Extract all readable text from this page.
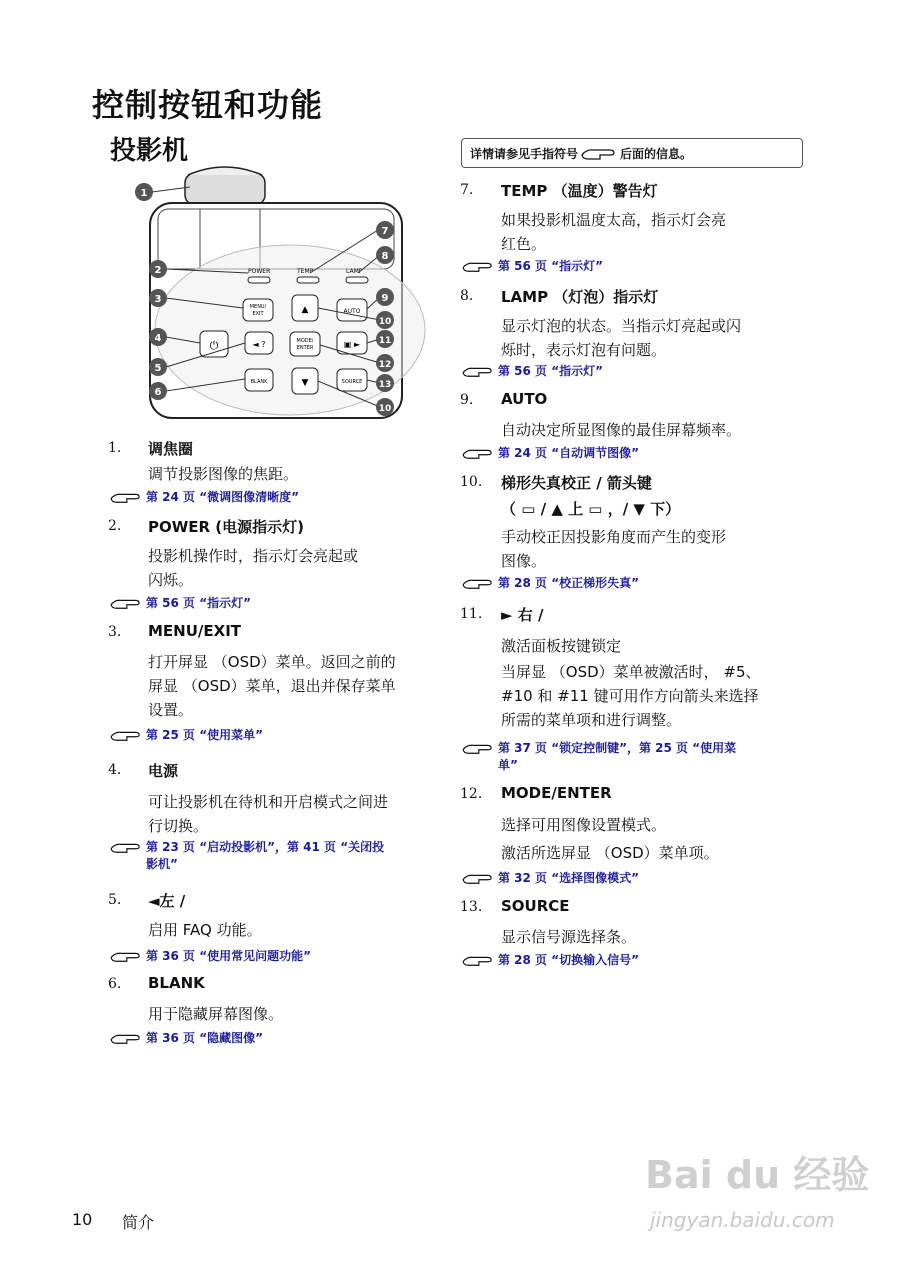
控制按钮和功能
投影机	详情请参见手指符号	后面的信息。
POWER	TEMP	LAMP
MENU/
EXIT	▲	AUTO
⏻	◄ ?	MODE/
ENTER	▣ ►
BLANK	▼	SOURCE
1
2
3
4
5
6
7
8
9
10
11
12
13
10
1. 调焦圈
调节投影图像的焦距。
第 24 页 “微调图像清晰度”
2. POWER (电源指示灯)
投影机操作时，指示灯会亮起或
闪烁。
第 56 页 “指示灯”
3. MENU/EXIT
打开屏显 （OSD）菜单。返回之前的
屏显 （OSD）菜单，退出并保存菜单
设置。
第 25 页 “使用菜单”
4. 电源
可让投影机在待机和开启模式之间进
行切换。
第 23 页 “启动投影机”，第 41 页 “关闭投
影机”
5. ◄左 /
启用 FAQ 功能。
第 36 页 “使用常见问题功能”
6. BLANK
用于隐藏屏幕图像。
第 36 页 “隐藏图像”
7. TEMP （温度）警告灯
如果投影机温度太高，指示灯会亮
红色。
第 56 页 “指示灯”
8. LAMP （灯泡）指示灯
显示灯泡的状态。当指示灯亮起或闪
烁时，表示灯泡有问题。
第 56 页 “指示灯”
9. AUTO
自动决定所显图像的最佳屏幕频率。
第 24 页 “自动调节图像”
10. 梯形失真校正 / 箭头键
（ ▭ / ▲ 上 ▭ ，/ ▼ 下）
手动校正因投影角度而产生的变形
图像。
第 28 页 “校正梯形失真”
11. ► 右 /
激活面板按键锁定
当屏显 （OSD）菜单被激活时， #5、
#10 和 #11 键可用作方向箭头来选择
所需的菜单项和进行调整。
第 37 页 “锁定控制键”，第 25 页 “使用菜
单”
12. MODE/ENTER
选择可用图像设置模式。
激活所选屏显 （OSD）菜单项。
第 32 页 “选择图像模式”
13. SOURCE
显示信号源选择条。
第 28 页 “切换输入信号”
10 简介
Bai du 经验
jingyan.baidu.com
